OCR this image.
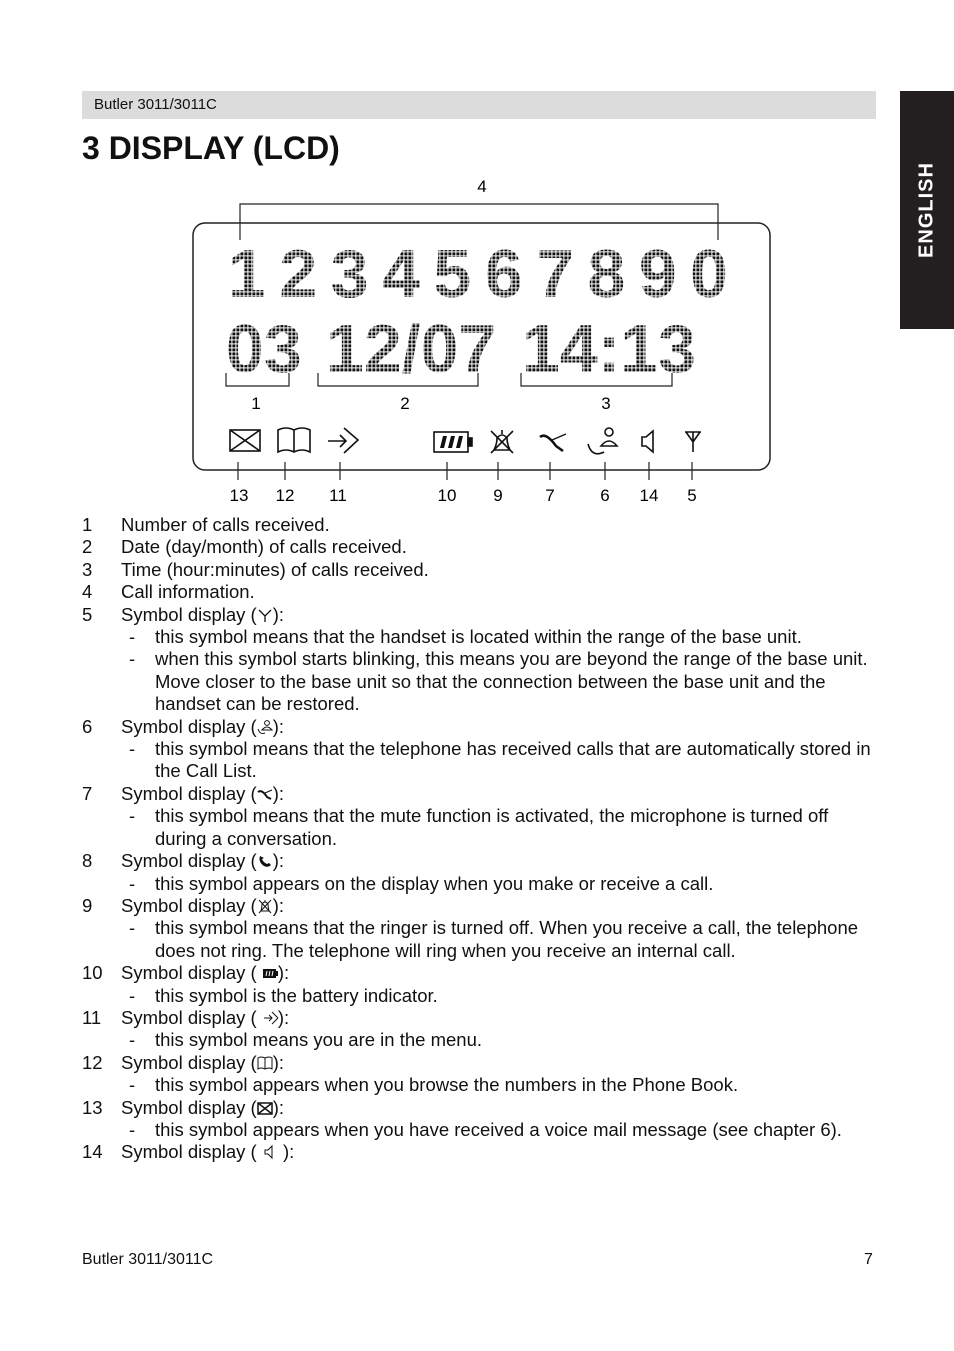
Butler 3011/3011C
ENGLISH
3 DISPLAY (LCD)
4
1234567890
03 12/07 14:13
1	2	3
13 12 11	10 9	7	6 14 5
1	Number of calls received.
2	Date (day/month) of calls received.
3	Time (hour:minutes) of calls received.
4	Call information.
5	Symbol display ( ):
-	this symbol means that the handset is located within the range of the base unit.
-	when this symbol starts blinking, this means you are beyond the range of the base unit. Move closer to the base unit so that the connection between the base unit and the handset can be restored.
6	Symbol display ( ):
-	this symbol means that the telephone has received calls that are automatically stored in the Call List.
7	Symbol display ( ):
-	this symbol means that the mute function is activated, the microphone is turned off during a conversation.
8	Symbol display ( ):
-	this symbol appears on the display when you make or receive a call.
9	Symbol display ( ):
-	this symbol means that the ringer is turned off. When you receive a call, the telephone does not ring. The telephone will ring when you receive an internal call.
10 Symbol display ( ):
-	this symbol is the battery indicator.
11	Symbol display ( ):
-	this symbol means you are in the menu.
12 Symbol display ( ):
-	this symbol appears when you browse the numbers in the Phone Book.
13 Symbol display ( ):
-	this symbol appears when you have received a voice mail message (see chapter 6).
14 Symbol display (  ):
Butler 3011/3011C	7
